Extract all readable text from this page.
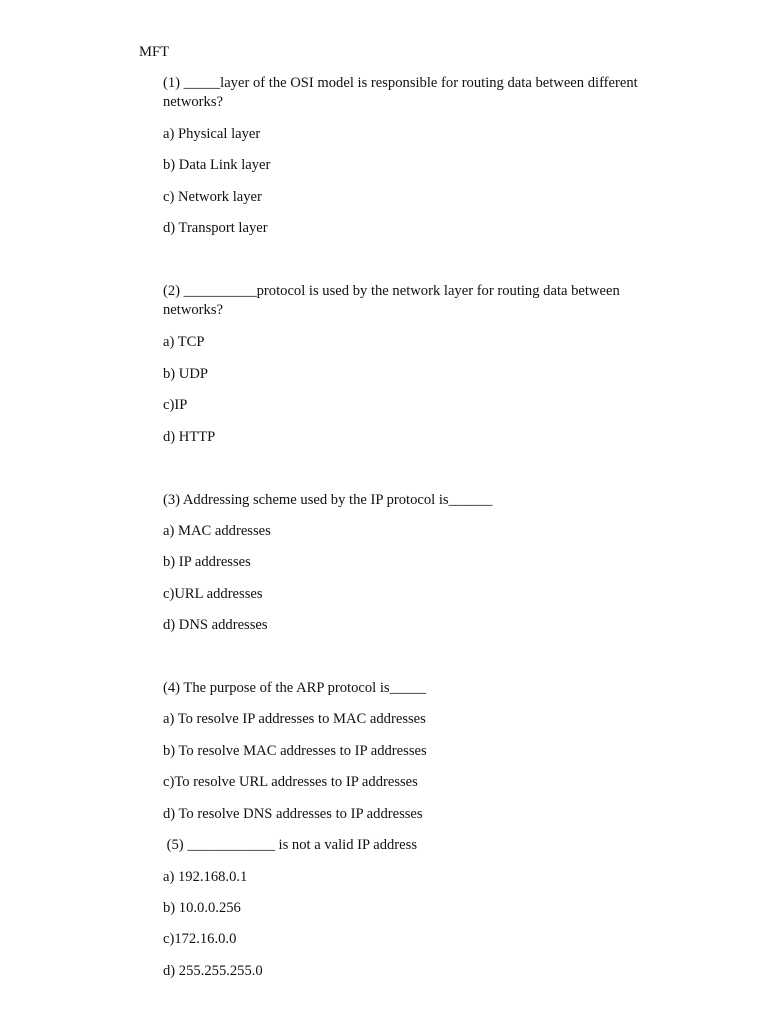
MFT
(1) _____layer of the OSI model is responsible for routing data between different networks?
a) Physical layer
b) Data Link layer
c) Network layer
d) Transport layer
(2) __________protocol is used by the network layer for routing data between networks?
a) TCP
b) UDP
c)IP
d) HTTP
(3) Addressing scheme used by the IP protocol is______
a) MAC addresses
b) IP addresses
c)URL addresses
d) DNS addresses
(4) The purpose of the ARP protocol is_____
a) To resolve IP addresses to MAC addresses
b) To resolve MAC addresses to IP addresses
c)To resolve URL addresses to IP addresses
d) To resolve DNS addresses to IP addresses
(5) ____________ is not a valid IP address
a) 192.168.0.1
b) 10.0.0.256
c)172.16.0.0
d) 255.255.255.0
